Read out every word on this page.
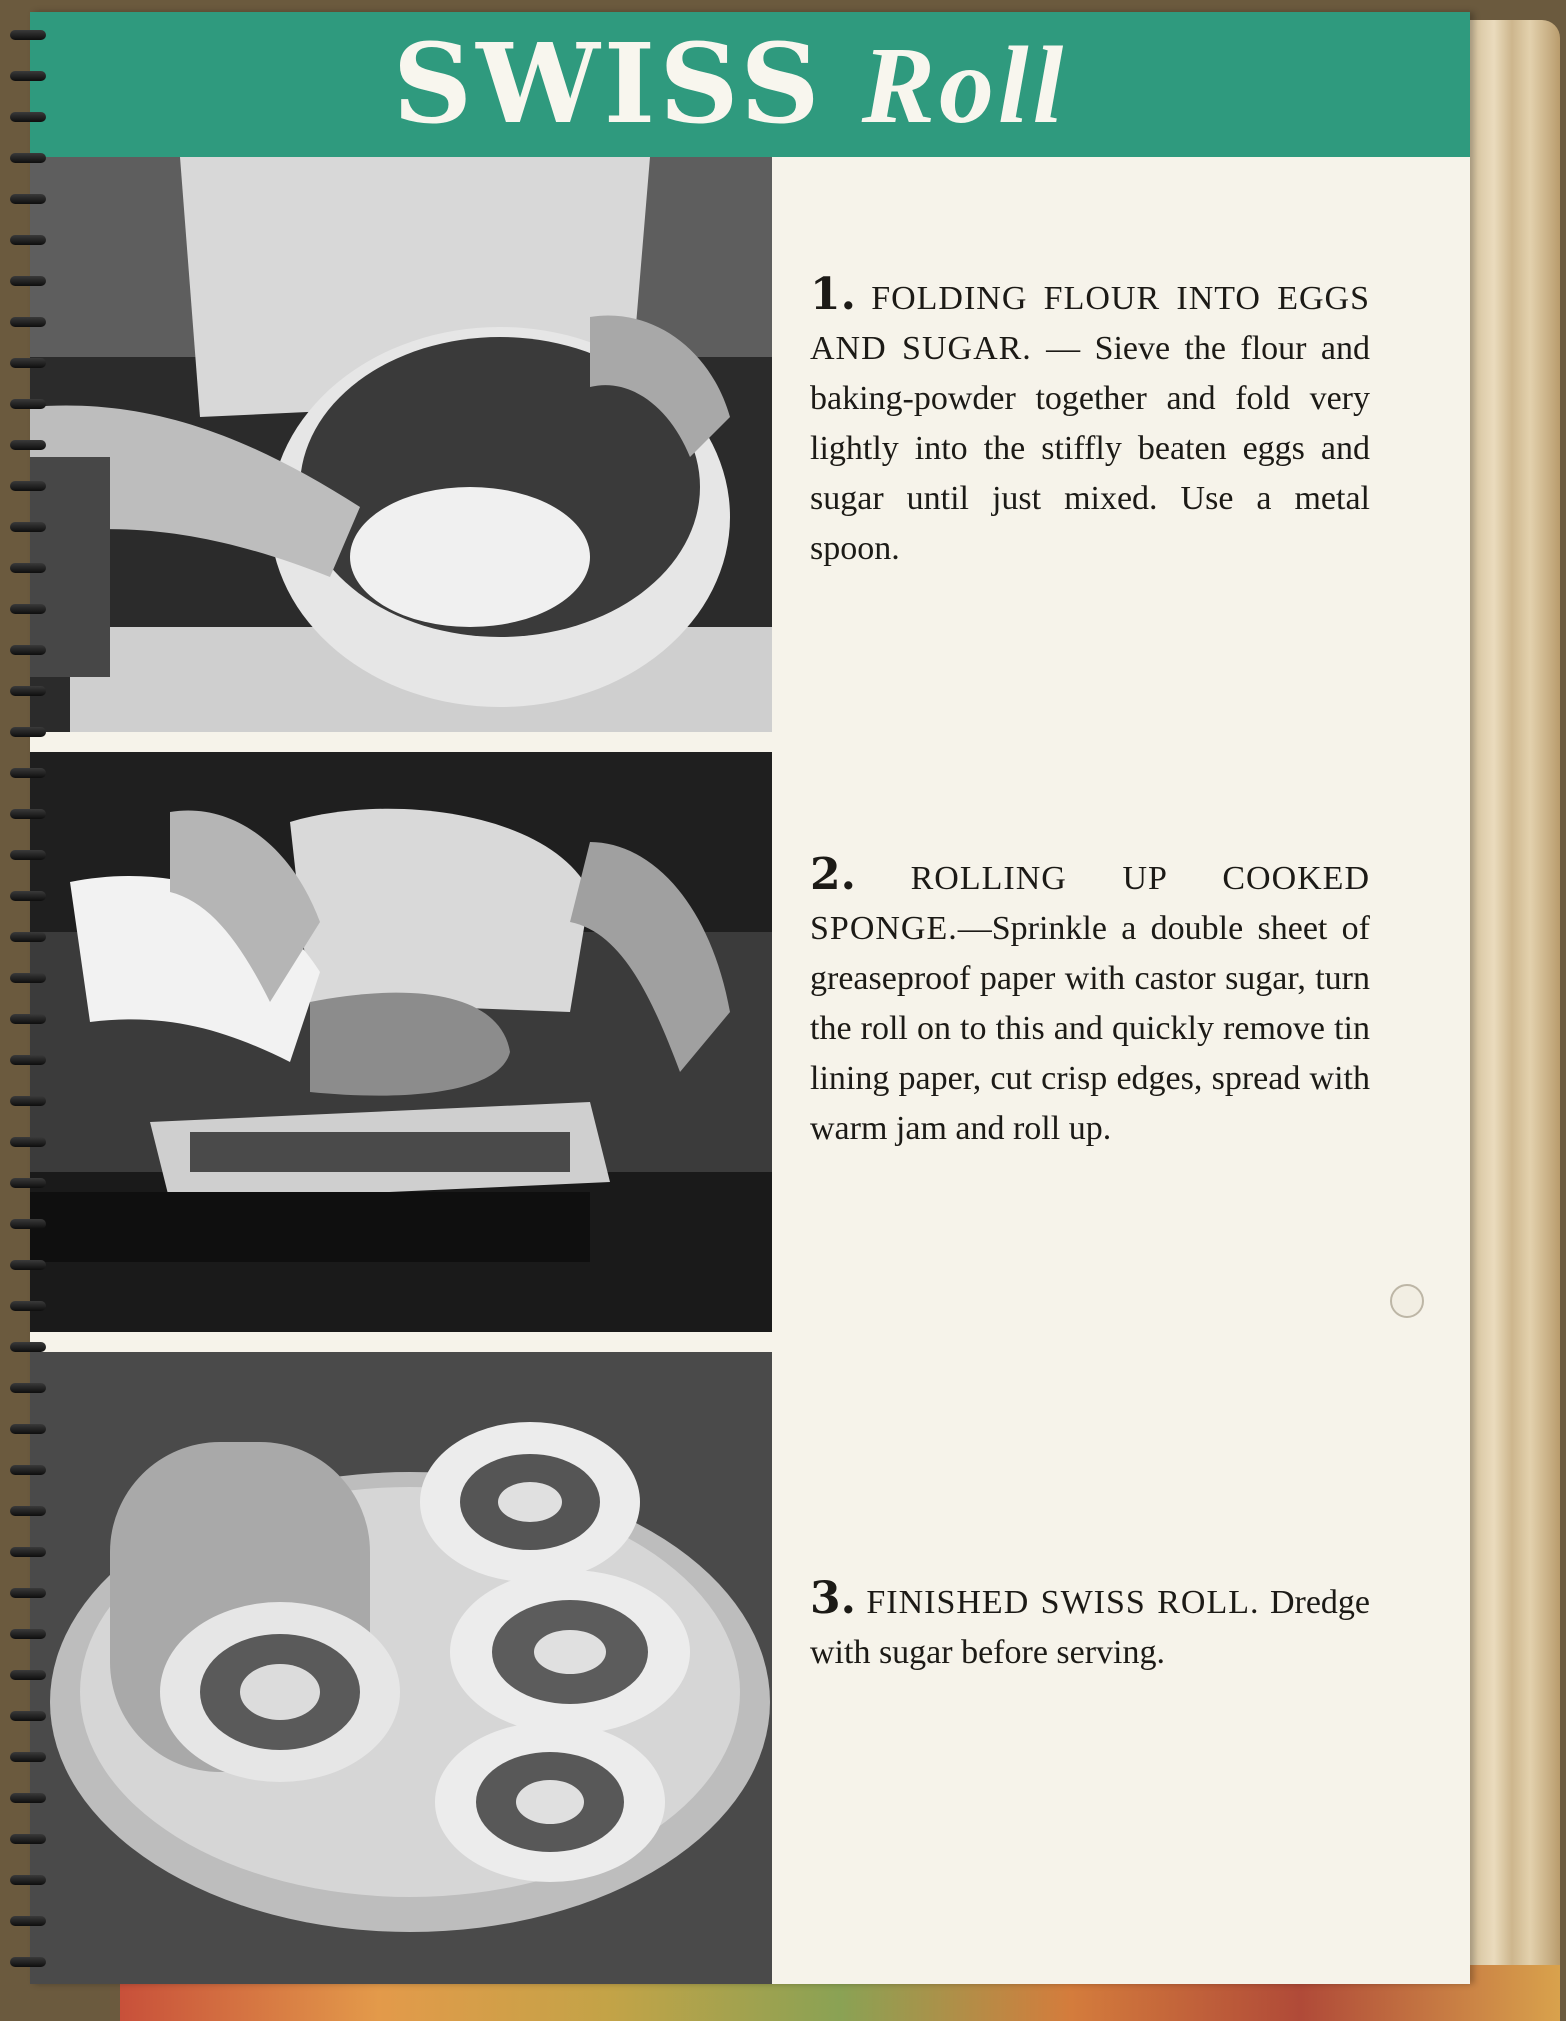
SWISS Roll
1. FOLDING FLOUR INTO EGGS AND SUGAR. — Sieve the flour and baking-powder together and fold very lightly into the stiffly beaten eggs and sugar until just mixed. Use a metal spoon.
2. ROLLING UP COOKED SPONGE.—Sprinkle a double sheet of greaseproof paper with castor sugar, turn the roll on to this and quickly remove tin lining paper, cut crisp edges, spread with warm jam and roll up.
3. FINISHED SWISS ROLL. Dredge with sugar before serving.
